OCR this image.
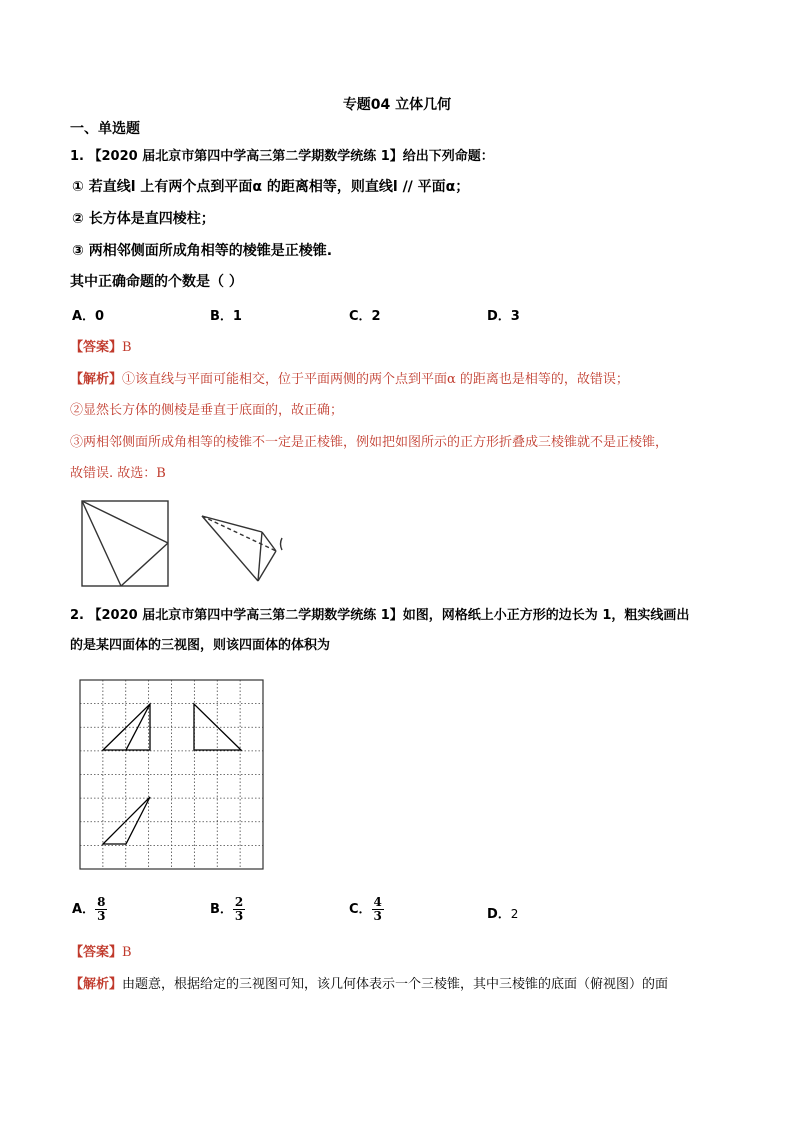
专题04 立体几何
一、单选题
1. 【2020 届北京市第四中学高三第二学期数学统练 1】给出下列命题：
① 若直线l 上有两个点到平面α 的距离相等，则直线l // 平面α；
② 长方体是直四棱柱；
③ 两相邻侧面所成角相等的棱锥是正棱锥.
其中正确命题的个数是（ ）
A．0	B．1	C．2	D．3
【答案】B
【解析】①该直线与平面可能相交，位于平面两侧的两个点到平面α 的距离也是相等的，故错误；
②显然长方体的侧棱是垂直于底面的，故正确；
③两相邻侧面所成角相等的棱锥不一定是正棱锥，例如把如图所示的正方形折叠成三棱锥就不是正棱锥，
故错误. 故选：B
2. 【2020 届北京市第四中学高三第二学期数学统练 1】如图，网格纸上小正方形的边长为 1，粗实线画出
的是某四面体的三视图，则该四面体的体积为
A． $\frac{8}{3}$	B． $\frac{2}{3}$	C． $\frac{4}{3}$	D．2
【答案】B
【解析】由题意，根据给定的三视图可知，该几何体表示一个三棱锥，其中三棱锥的底面（俯视图）的面
